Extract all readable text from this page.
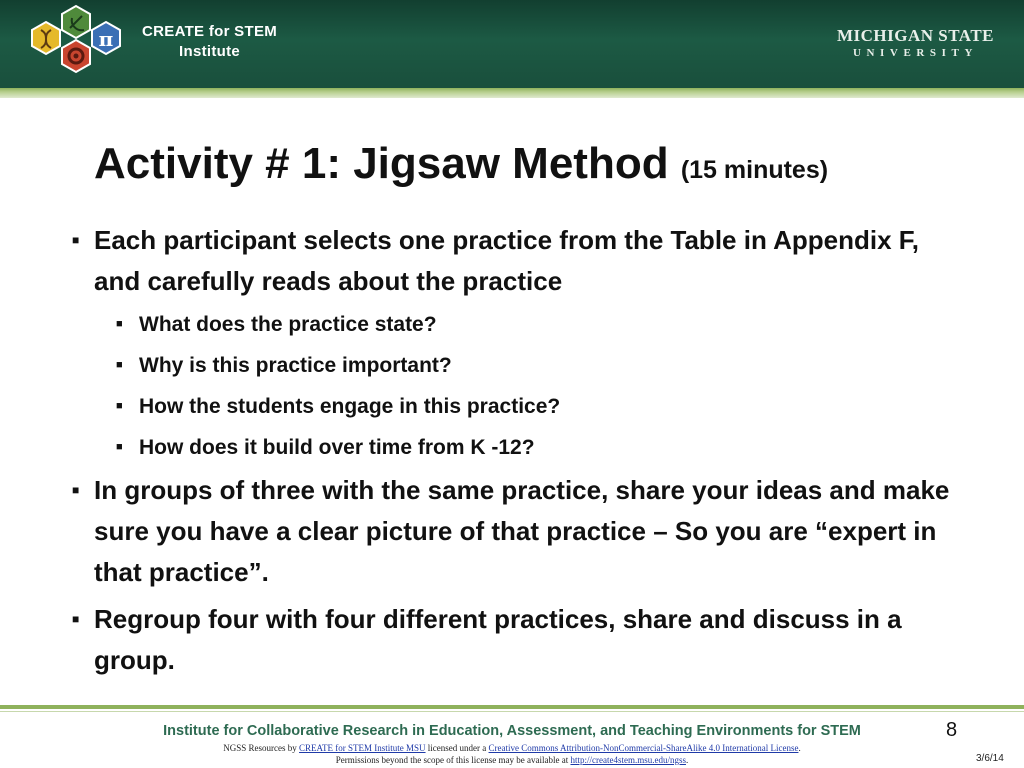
π CREATE for STEM
Institute
MICHIGAN STATE
UNIVERSITY
Activity # 1: Jigsaw Method (15 minutes)

■ Each participant selects one practice from the Table in Appendix F, and carefully reads about the practice

■ What does the practice state?

■ Why is this practice important?

■ How the students engage in this practice?

■ How does it build over time from K -12?

■ In groups of three with the same practice, share your ideas and make sure you have a clear picture of that practice – So you are “expert in that practice”.

■ Regroup four with four different practices, share and discuss in a group.

Institute for Collaborative Research in Education, Assessment, and Teaching Environments for STEM
NGSS Resources by CREATE for STEM Institute MSU licensed under a Creative Commons Attribution-NonCommercial-ShareAlike 4.0 International License.
Permissions beyond the scope of this license may be available at http://create4stem.msu.edu/ngss.
8
3/6/14
